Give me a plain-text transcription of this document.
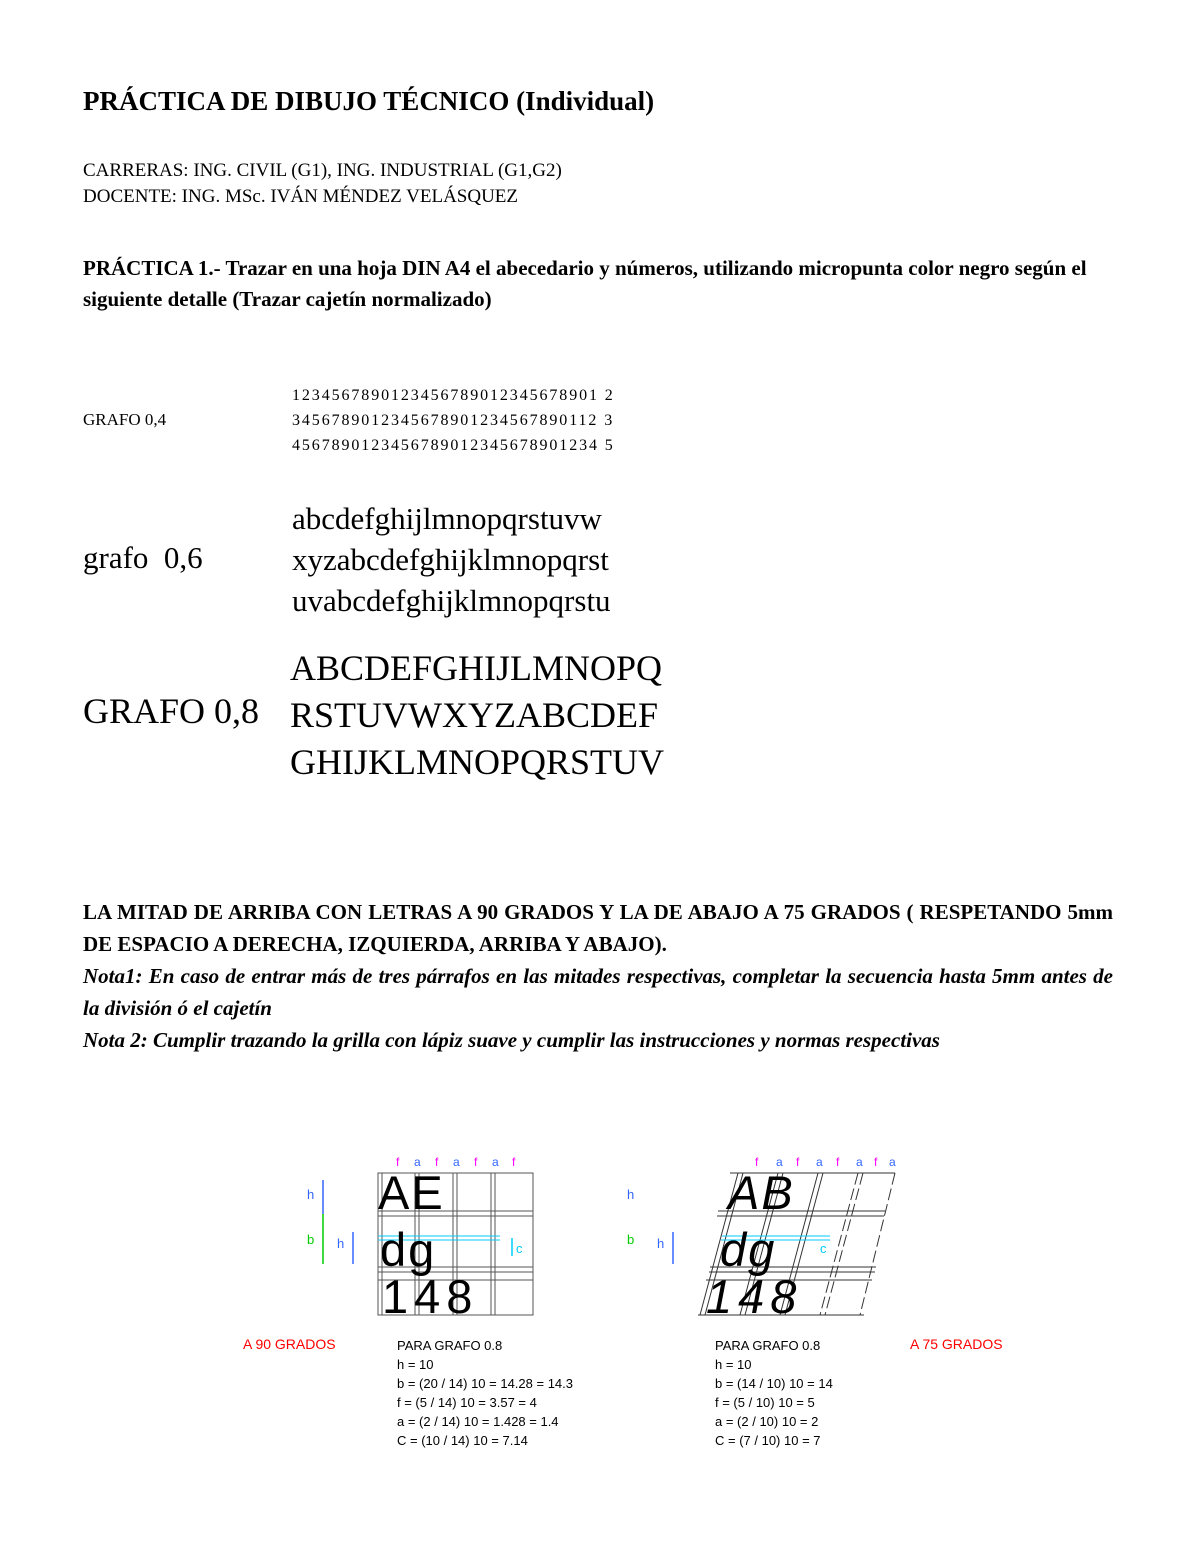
PRÁCTICA DE DIBUJO TÉCNICO (Individual)
CARRERAS: ING. CIVIL (G1), ING. INDUSTRIAL (G1,G2)
DOCENTE: ING. MSc. IVÁN MÉNDEZ VELÁSQUEZ
PRÁCTICA 1.- Trazar en una hoja DIN A4 el abecedario y números, utilizando micropunta color negro según el siguiente detalle (Trazar cajetín normalizado)
GRAFO 0,4
1234567890123456789012345678901 2
3456789012345678901234567890112 3
4567890123456789012345678901234 5
grafo  0,6
abcdefghijlmnopqrstuvw
xyzabcdefghijklmnopqrst
uvabcdefghijklmnopqrstu
GRAFO 0,8
ABCDEFGHIJLMNOPQ
RSTUVWXYZABCDEF
GHIJKLMNOPQRSTUV
LA MITAD DE ARRIBA CON LETRAS A 90 GRADOS Y LA DE ABAJO A 75 GRADOS ( RESPETANDO 5mm DE ESPACIO A DERECHA, IZQUIERDA, ARRIBA Y ABAJO).
Nota1: En caso de entrar más de tres párrafos en las mitades respectivas, completar la secuencia hasta 5mm antes de la división ó el cajetín
Nota 2: Cumplir trazando la grilla con lápiz suave y cumplir las instrucciones y normas respectivas
f a f a f a f
h
b h	c
AE
dg
148
A 90 GRADOS	PARA GRAFO 0.8
h = 10
b = (20 / 14) 10 = 14.28 = 14.3
f = (5 / 14) 10 = 3.57 = 4
a = (2 / 14) 10 = 1.428 = 1.4
C = (10 / 14) 10 = 7.14
f a f a f a f a
h
b h	c
AB
dg
148
PARA GRAFO 0.8
h = 10
b = (14 / 10) 10 = 14
f = (5 / 10) 10 = 5
a = (2 / 10) 10 = 2
C = (7 / 10) 10 = 7
A 75 GRADOS
